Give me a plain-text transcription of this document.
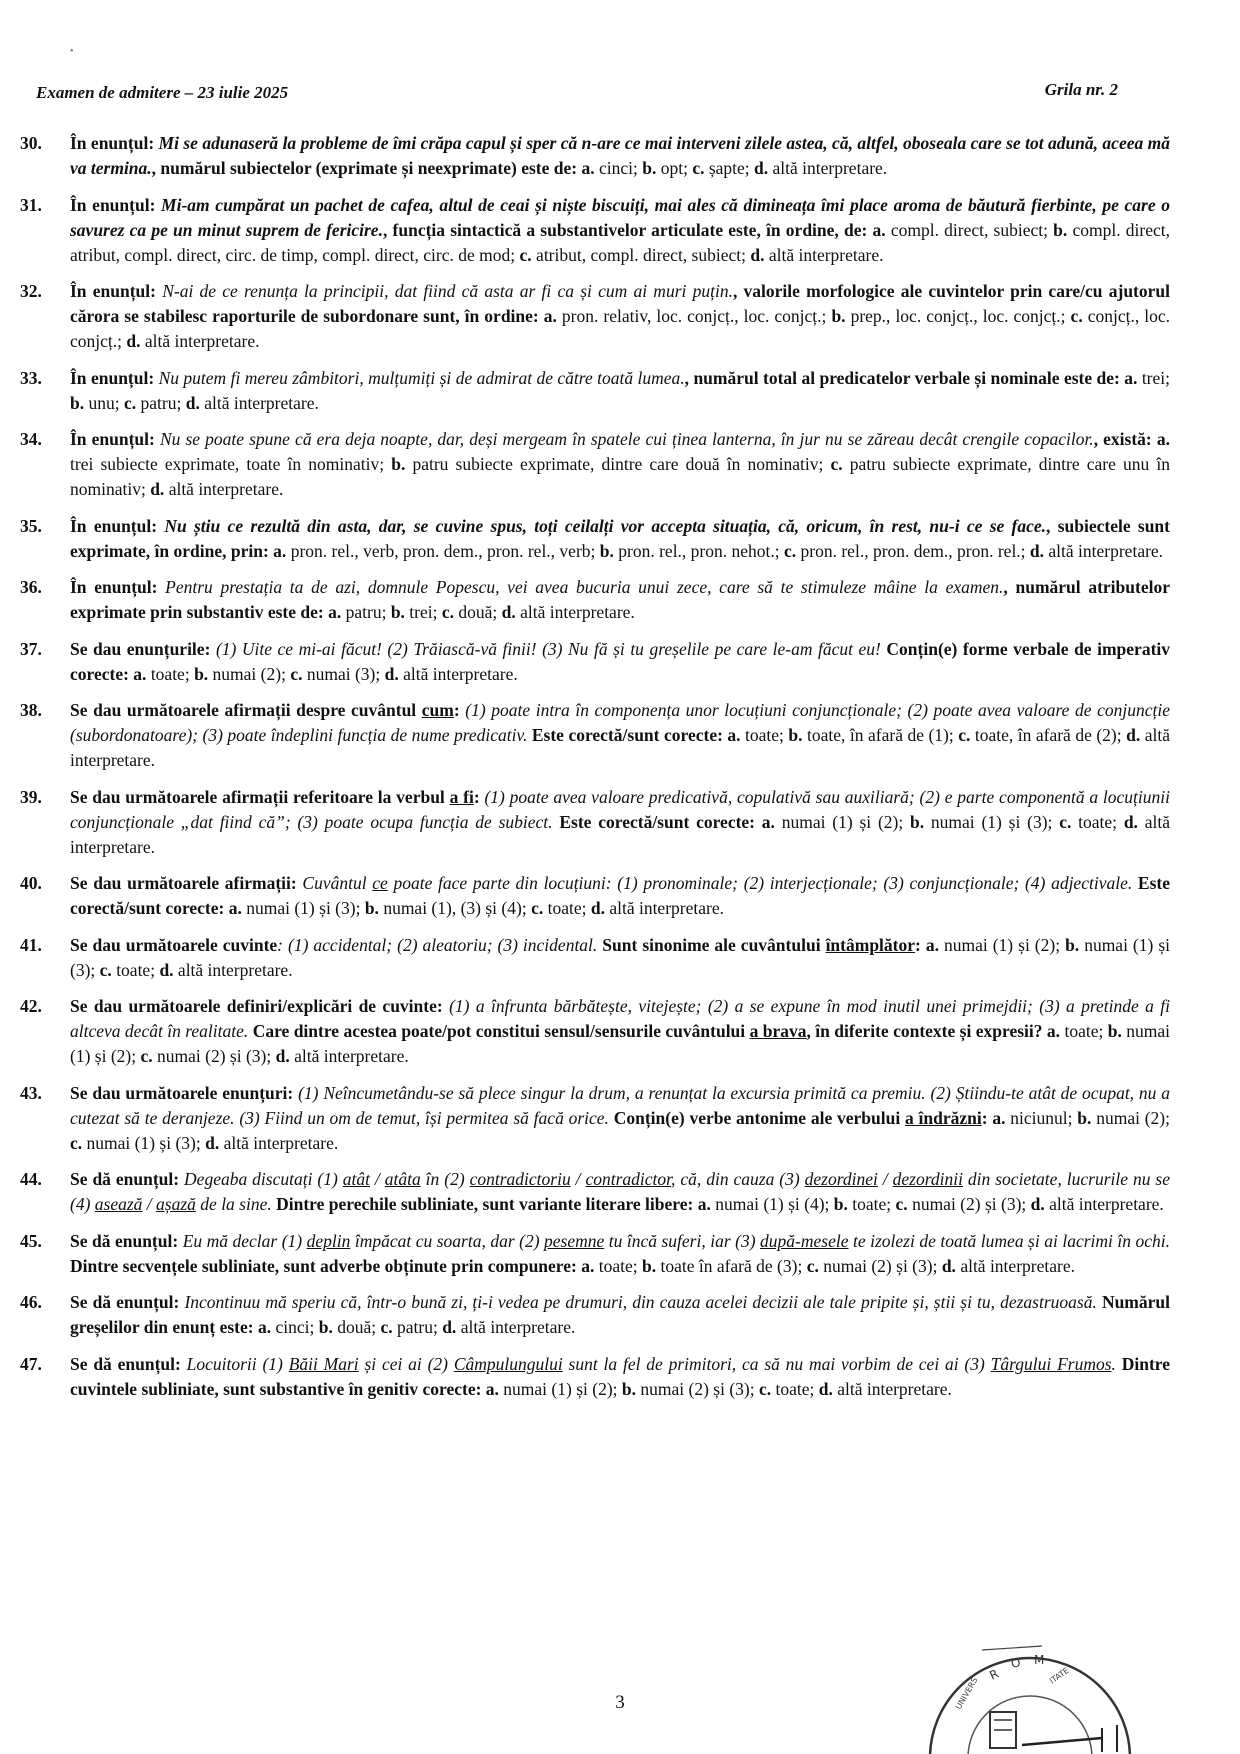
•
Examen de admitere – 23 iulie 2025	Grila nr. 2
30.	În enunțul: Mi se adunaseră la probleme de îmi crăpa capul și sper că n-are ce mai interveni zilele astea, că, altfel, oboseala care se tot adună, aceea mă va termina., numărul subiectelor (exprimate și neexprimate) este de: a. cinci; b. opt; c. șapte; d. altă interpretare.
31.	În enunțul: Mi-am cumpărat un pachet de cafea, altul de ceai și niște biscuiți, mai ales că dimineața îmi place aroma de băutură fierbinte, pe care o savurez ca pe un minut suprem de fericire., funcția sintactică a substantivelor articulate este, în ordine, de: a. compl. direct, subiect; b. compl. direct, atribut, compl. direct, circ. de timp, compl. direct, circ. de mod; c. atribut, compl. direct, subiect; d. altă interpretare.
32.	În enunțul: N-ai de ce renunța la principii, dat fiind că asta ar fi ca și cum ai muri puțin., valorile morfologice ale cuvintelor prin care/cu ajutorul cărora se stabilesc raporturile de subordonare sunt, în ordine: a. pron. relativ, loc. conjcț., loc. conjcț.; b. prep., loc. conjcț., loc. conjcț.; c. conjcț., loc. conjcț.; d. altă interpretare.
33.	În enunțul: Nu putem fi mereu zâmbitori, mulțumiți și de admirat de către toată lumea., numărul total al predicatelor verbale și nominale este de: a. trei; b. unu; c. patru; d. altă interpretare.
34.	În enunțul: Nu se poate spune că era deja noapte, dar, deși mergeam în spatele cui ținea lanterna, în jur nu se zăreau decât crengile copacilor., există: a. trei subiecte exprimate, toate în nominativ; b. patru subiecte exprimate, dintre care două în nominativ; c. patru subiecte exprimate, dintre care unu în nominativ; d. altă interpretare.
35.	În enunțul: Nu știu ce rezultă din asta, dar, se cuvine spus, toți ceilalți vor accepta situația, că, oricum, în rest, nu-i ce se face., subiectele sunt exprimate, în ordine, prin: a. pron. rel., verb, pron. dem., pron. rel., verb; b. pron. rel., pron. nehot.; c. pron. rel., pron. dem., pron. rel.; d. altă interpretare.
36.	În enunțul: Pentru prestația ta de azi, domnule Popescu, vei avea bucuria unui zece, care să te stimuleze mâine la examen., numărul atributelor exprimate prin substantiv este de: a. patru; b. trei; c. două; d. altă interpretare.
37.	Se dau enunțurile: (1) Uite ce mi-ai făcut! (2) Trăiască-vă finii! (3) Nu fă și tu greșelile pe care le-am făcut eu! Conțin(e) forme verbale de imperativ corecte: a. toate; b. numai (2); c. numai (3); d. altă interpretare.
38.	Se dau următoarele afirmații despre cuvântul cum: (1) poate intra în componența unor locuțiuni conjuncționale; (2) poate avea valoare de conjuncție (subordonatoare); (3) poate îndeplini funcția de nume predicativ. Este corectă/sunt corecte: a. toate; b. toate, în afară de (1); c. toate, în afară de (2); d. altă interpretare.
39.	Se dau următoarele afirmații referitoare la verbul a fi: (1) poate avea valoare predicativă, copulativă sau auxiliară; (2) e parte componentă a locuțiunii conjuncționale „dat fiind că”; (3) poate ocupa funcția de subiect. Este corectă/sunt corecte: a. numai (1) și (2); b. numai (1) și (3); c. toate; d. altă interpretare.
40.	Se dau următoarele afirmații: Cuvântul ce poate face parte din locuțiuni: (1) pronominale; (2) interjecționale; (3) conjuncționale; (4) adjectivale. Este corectă/sunt corecte: a. numai (1) și (3); b. numai (1), (3) și (4); c. toate; d. altă interpretare.
41.	Se dau următoarele cuvinte: (1) accidental; (2) aleatoriu; (3) incidental. Sunt sinonime ale cuvântului întâmplător: a. numai (1) și (2); b. numai (1) și (3); c. toate; d. altă interpretare.
42.	Se dau următoarele definiri/explicări de cuvinte: (1) a înfrunta bărbătește, vitejește; (2) a se expune în mod inutil unei primejdii; (3) a pretinde a fi altceva decât în realitate. Care dintre acestea poate/pot constitui sensul/sensurile cuvântului a brava, în diferite contexte și expresii? a. toate; b. numai (1) și (2); c. numai (2) și (3); d. altă interpretare.
43.	Se dau următoarele enunțuri: (1) Neîncumetându-se să plece singur la drum, a renunțat la excursia primită ca premiu. (2) Știindu-te atât de ocupat, nu a cutezat să te deranjeze. (3) Fiind un om de temut, își permitea să facă orice. Conțin(e) verbe antonime ale verbului a îndrăzni: a. niciunul; b. numai (2); c. numai (1) și (3); d. altă interpretare.
44.	Se dă enunțul: Degeaba discutați (1) atât / atâta în (2) contradictoriu / contradictor, că, din cauza (3) dezordinei / dezordinii din societate, lucrurile nu se (4) asează / așază de la sine. Dintre perechile subliniate, sunt variante literare libere: a. numai (1) și (4); b. toate; c. numai (2) și (3); d. altă interpretare.
45.	Se dă enunțul: Eu mă declar (1) deplin împăcat cu soarta, dar (2) pesemne tu încă suferi, iar (3) după-mesele te izolezi de toată lumea și ai lacrimi în ochi. Dintre secvențele subliniate, sunt adverbe obținute prin compunere: a. toate; b. toate în afară de (3); c. numai (2) și (3); d. altă interpretare.
46.	Se dă enunțul: Incontinuu mă speriu că, într-o bună zi, ți-i vedea pe drumuri, din cauza acelei decizii ale tale pripite și, știi și tu, dezastruoasă. Numărul greșelilor din enunț este: a. cinci; b. două; c. patru; d. altă interpretare.
47.	Se dă enunțul: Locuitorii (1) Băii Mari și cei ai (2) Câmpulungului sunt la fel de primitori, ca să nu mai vorbim de cei ai (3) Târgului Frumos. Dintre cuvintele subliniate, sunt substantive în genitiv corecte: a. numai (1) și (2); b. numai (2) și (3); c. toate; d. altă interpretare.
3
R
O M
ITATE
UNIVERS
